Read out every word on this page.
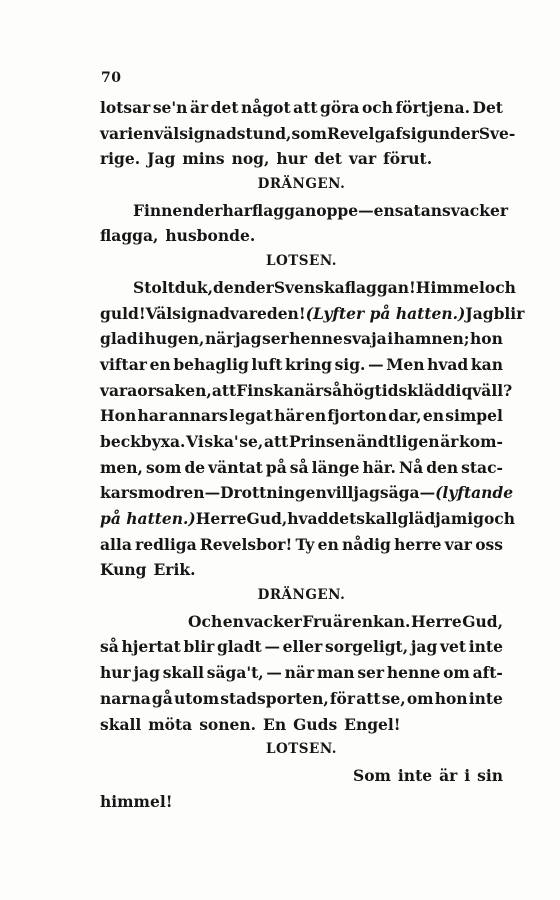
70
lotsar se'n är det något att göra och förtjena. Det
var i en välsignad stund, som Revel gaf sig under Sve-
rige. Jag mins nog, hur det var förut.
DRÄNGEN.
Finnen der har flaggan oppe — en satans vacker
flagga, husbonde.
LOTSEN.
Stolt duk, den der Svenska flaggan! Himmel och
guld! Välsignad vare den! (Lyfter på hatten.) Jag blir
glad i hugen, när jag ser henne svaja i hamnen; hon
viftar en behaglig luft kring sig. — Men hvad kan
vara orsaken, att Finskan är så högtidsklädd i qväll?
Hon har annars legat här en fjorton dar, en simpel
beckbyxa. Vi ska' se, att Prinsen ändtligen är kom-
men, som de väntat på så länge här. Nå den stac-
kars modren — Drottningen vill jag säga — (lyftande
på hatten.) Herre Gud, hvad det skall glädja mig och
alla redliga Revelsbor! Ty en nådig herre var oss
Kung Erik.
DRÄNGEN.
Och en vacker Fru är enkan. Herre Gud,
så hjertat blir gladt — eller sorgeligt, jag vet inte
hur jag skall säga't, — när man ser henne om aft-
narna gå utom stadsporten, för att se, om hon inte
skall möta sonen. En Guds Engel!
LOTSEN.
Som inte är i sin
himmel!
